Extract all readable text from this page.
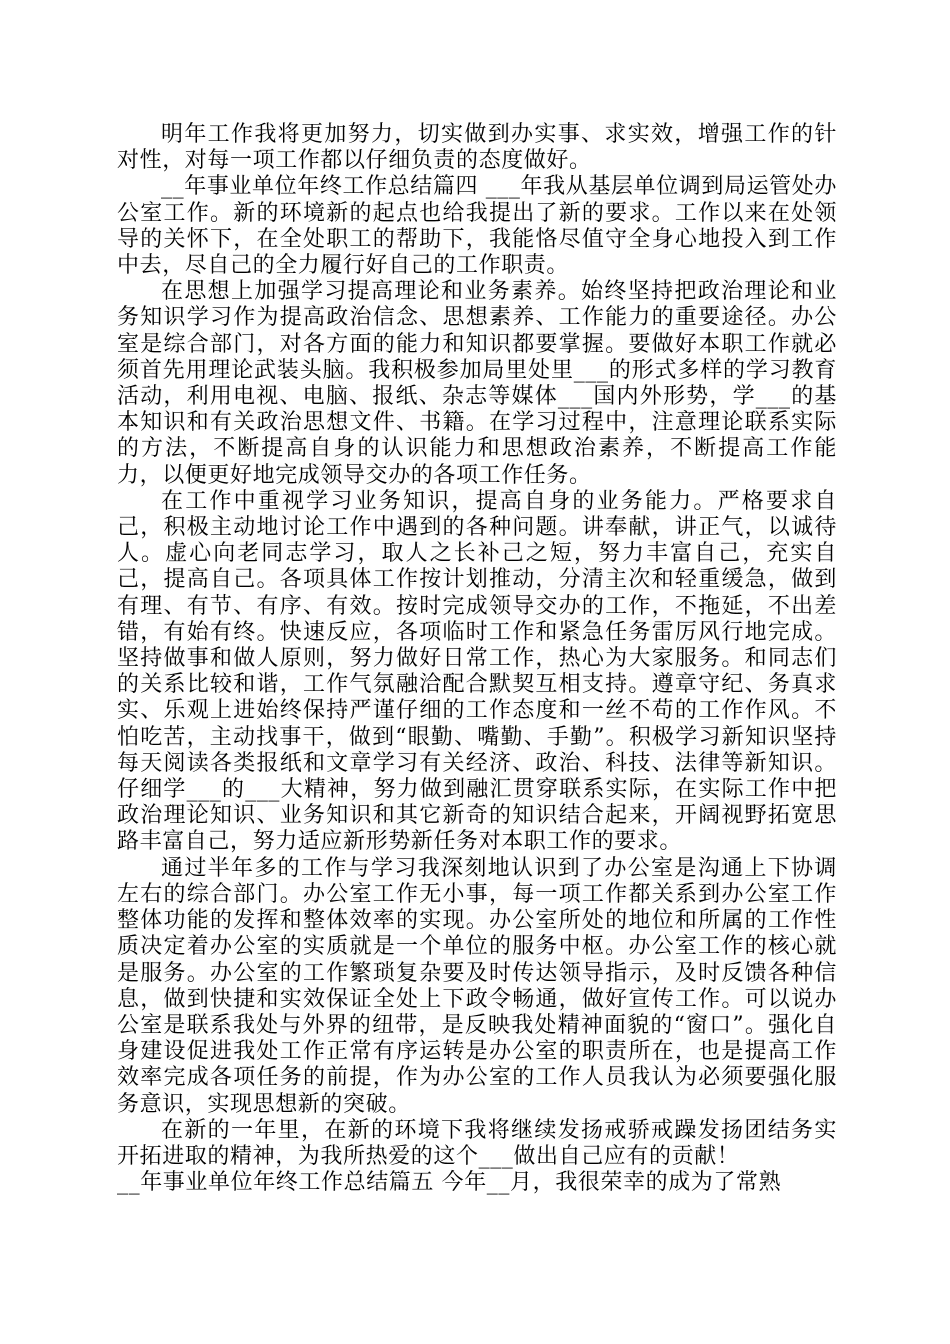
明年工作我将更加努力，切实做到办实事、求实效，增强工作的针对性，对每一项工作都以仔细负责的态度做好。

__年事业单位年终工作总结篇四 ___年我从基层单位调到局运管处办公室工作。新的环境新的起点也给我提出了新的要求。工作以来在处领导的关怀下，在全处职工的帮助下，我能恪尽值守全身心地投入到工作中去，尽自己的全力履行好自己的工作职责。

在思想上加强学习提高理论和业务素养。始终坚持把政治理论和业务知识学习作为提高政治信念、思想素养、工作能力的重要途径。办公室是综合部门，对各方面的能力和知识都要掌握。要做好本职工作就必须首先用理论武装头脑。我积极参加局里处里___的形式多样的学习教育活动，利用电视、电脑、报纸、杂志等媒体___国内外形势，学___的基本知识和有关政治思想文件、书籍。在学习过程中，注意理论联系实际的方法，不断提高自身的认识能力和思想政治素养，不断提高工作能力，以便更好地完成领导交办的各项工作任务。

在工作中重视学习业务知识，提高自身的业务能力。严格要求自己，积极主动地讨论工作中遇到的各种问题。讲奉献，讲正气，以诚待人。虚心向老同志学习，取人之长补己之短，努力丰富自己，充实自己，提高自己。各项具体工作按计划推动，分清主次和轻重缓急，做到有理、有节、有序、有效。按时完成领导交办的工作，不拖延，不出差错，有始有终。快速反应，各项临时工作和紧急任务雷厉风行地完成。坚持做事和做人原则，努力做好日常工作，热心为大家服务。和同志们的关系比较和谐，工作气氛融洽配合默契互相支持。遵章守纪、务真求实、乐观上进始终保持严谨仔细的工作态度和一丝不苟的工作作风。不怕吃苦，主动找事干，做到“眼勤、嘴勤、手勤”。积极学习新知识坚持每天阅读各类报纸和文章学习有关经济、政治、科技、法律等新知识。仔细学___的___大精神，努力做到融汇贯穿联系实际，在实际工作中把政治理论知识、业务知识和其它新奇的知识结合起来，开阔视野拓宽思路丰富自己，努力适应新形势新任务对本职工作的要求。

通过半年多的工作与学习我深刻地认识到了办公室是沟通上下协调左右的综合部门。办公室工作无小事，每一项工作都关系到办公室工作整体功能的发挥和整体效率的实现。办公室所处的地位和所属的工作性质决定着办公室的实质就是一个单位的服务中枢。办公室工作的核心就是服务。办公室的工作繁琐复杂要及时传达领导指示，及时反馈各种信息，做到快捷和实效保证全处上下政令畅通，做好宣传工作。可以说办公室是联系我处与外界的纽带，是反映我处精神面貌的“窗口”。强化自身建设促进我处工作正常有序运转是办公室的职责所在，也是提高工作效率完成各项任务的前提，作为办公室的工作人员我认为必须要强化服务意识，实现思想新的突破。

在新的一年里，在新的环境下我将继续发扬戒骄戒躁发扬团结务实开拓进取的精神，为我所热爱的这个___做出自己应有的贡献！

__年事业单位年终工作总结篇五 今年__月，我很荣幸的成为了常熟
